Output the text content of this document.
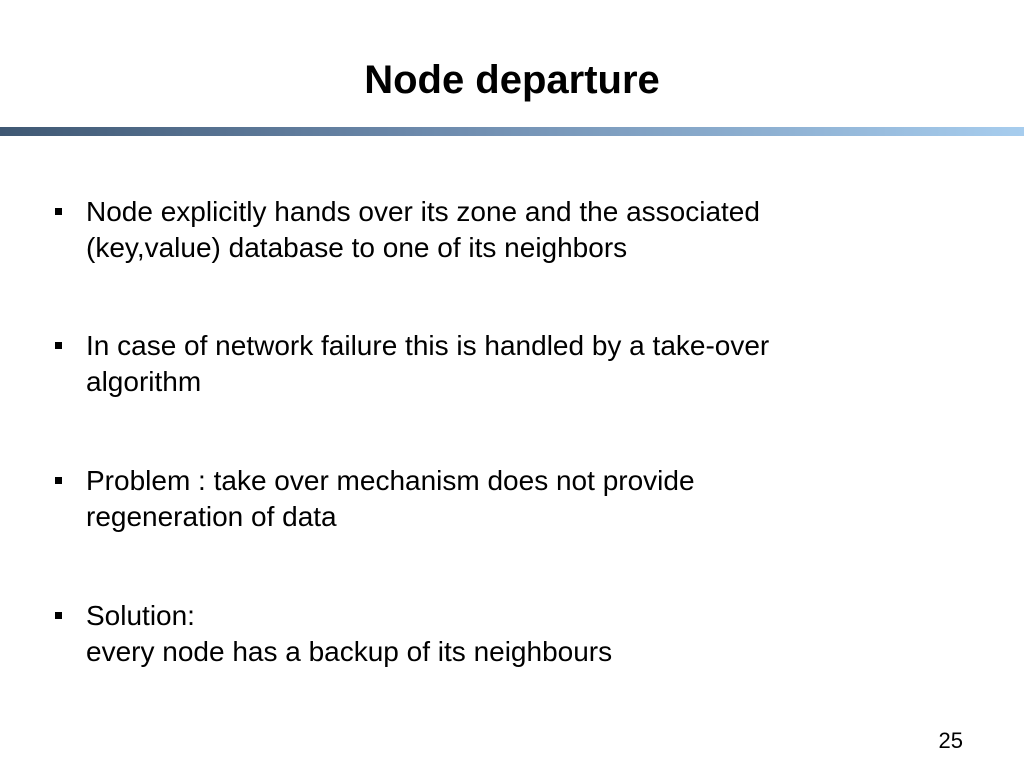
Node departure
Node explicitly hands over its zone and the associated
(key,value) database to one of its neighbors
In case of network failure this is handled by a take-over
algorithm
Problem : take over mechanism does not provide
regeneration of data
Solution:
every node has a backup of its neighbours
25
